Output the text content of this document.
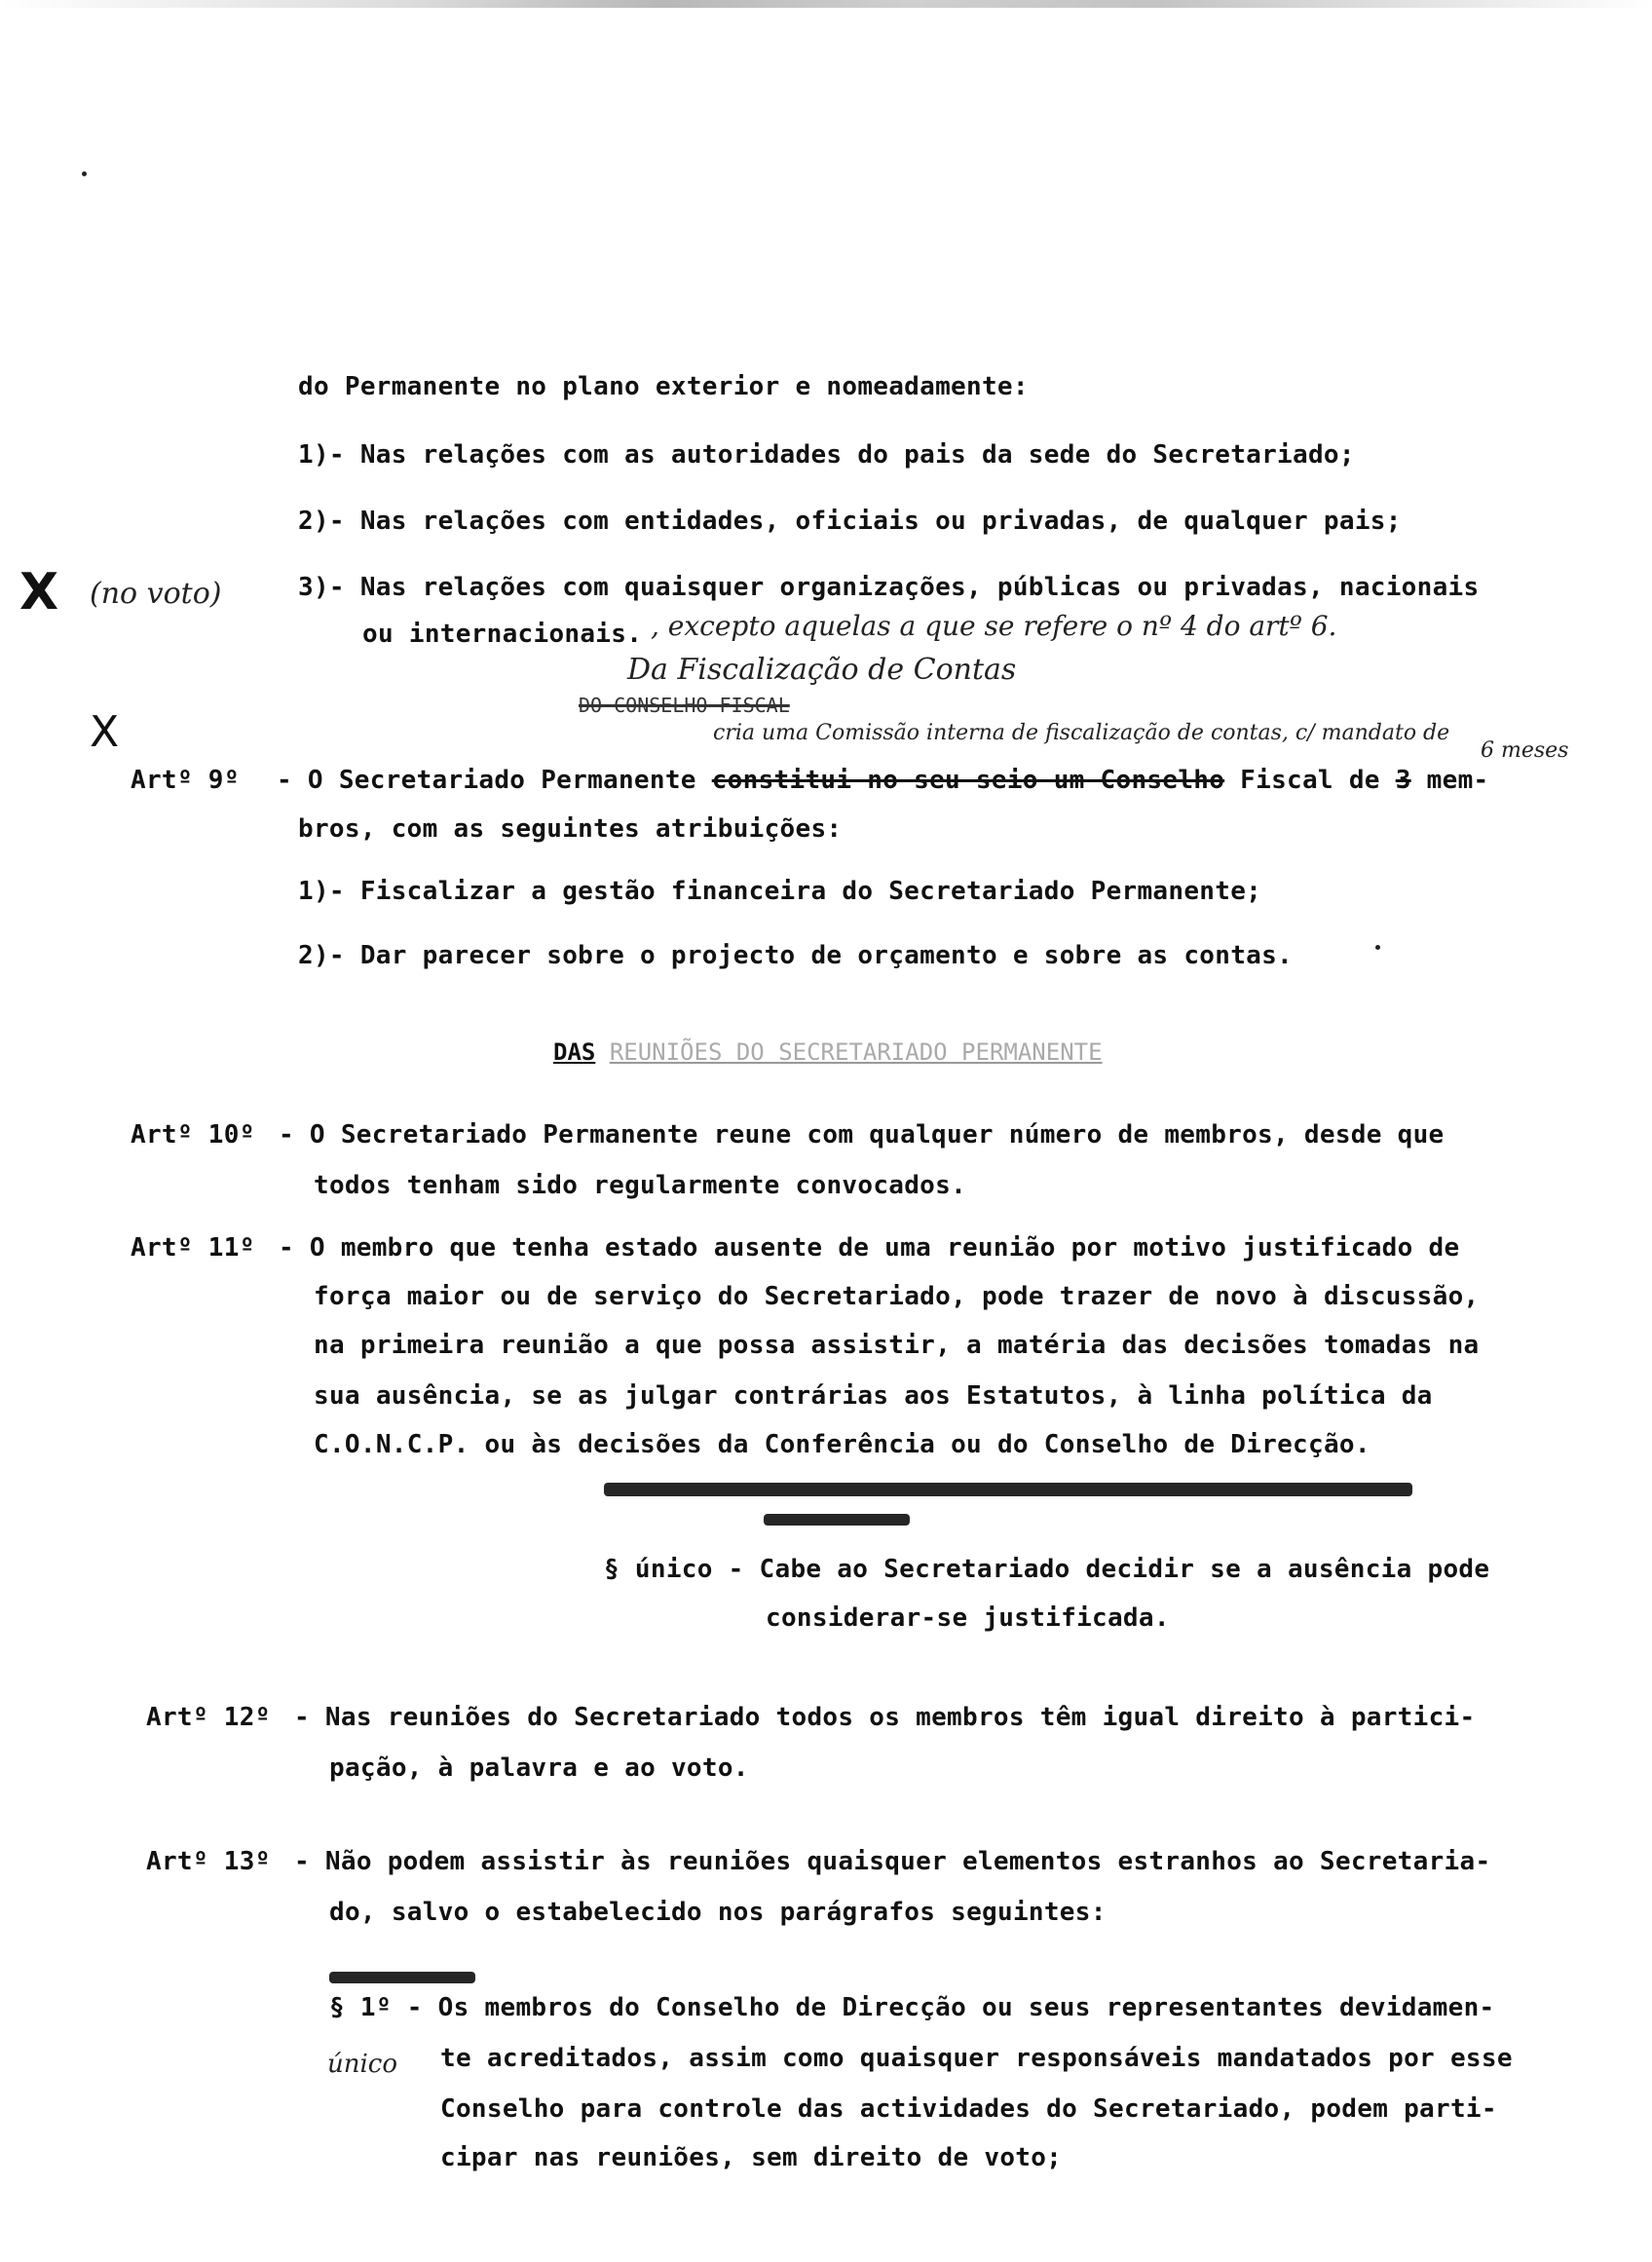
do Permanente no plano exterior e nomeadamente:
1)- Nas relações com as autoridades do pais da sede do Secretariado;
2)- Nas relações com entidades, oficiais ou privadas, de qualquer pais;
X (no voto)	3)- Nas relações com quaisquer organizações, públicas ou privadas, nacionais
ou internacionais. , excepto aquelas a que se refere o nº 4 do artº 6.
Da Fiscalização de Contas
DO CONSELHO FISCAL
X	cria uma Comissão interna de fiscalização de contas, c/ mandato de
6 meses
Artº 9º - O Secretariado Permanente constitui no seu seio um Conselho Fiscal de 3 mem-
bros, com as seguintes atribuições:
1)- Fiscalizar a gestão financeira do Secretariado Permanente;
2)- Dar parecer sobre o projecto de orçamento e sobre as contas.
DAS REUNIÕES DO SECRETARIADO PERMANENTE
Artº 10º - O Secretariado Permanente reune com qualquer número de membros, desde que
todos tenham sido regularmente convocados.
Artº 11º - O membro que tenha estado ausente de uma reunião por motivo justificado de
força maior ou de serviço do Secretariado, pode trazer de novo à discussão,
na primeira reunião a que possa assistir, a matéria das decisões tomadas na
sua ausência, se as julgar contrárias aos Estatutos, à linha política da
C.O.N.C.P. ou às decisões da Conferência ou do Conselho de Direcção.
§ único - Cabe ao Secretariado decidir se a ausência pode
considerar-se justificada.
Artº 12º - Nas reuniões do Secretariado todos os membros têm igual direito à partici-
pação, à palavra e ao voto.
Artº 13º - Não podem assistir às reuniões quaisquer elementos estranhos ao Secretaria-
do, salvo o estabelecido nos parágrafos seguintes:
§ 1º - Os membros do Conselho de Direcção ou seus representantes devidamen-
único te acreditados, assim como quaisquer responsáveis mandatados por esse
Conselho para controle das actividades do Secretariado, podem parti-
cipar nas reuniões, sem direito de voto;
